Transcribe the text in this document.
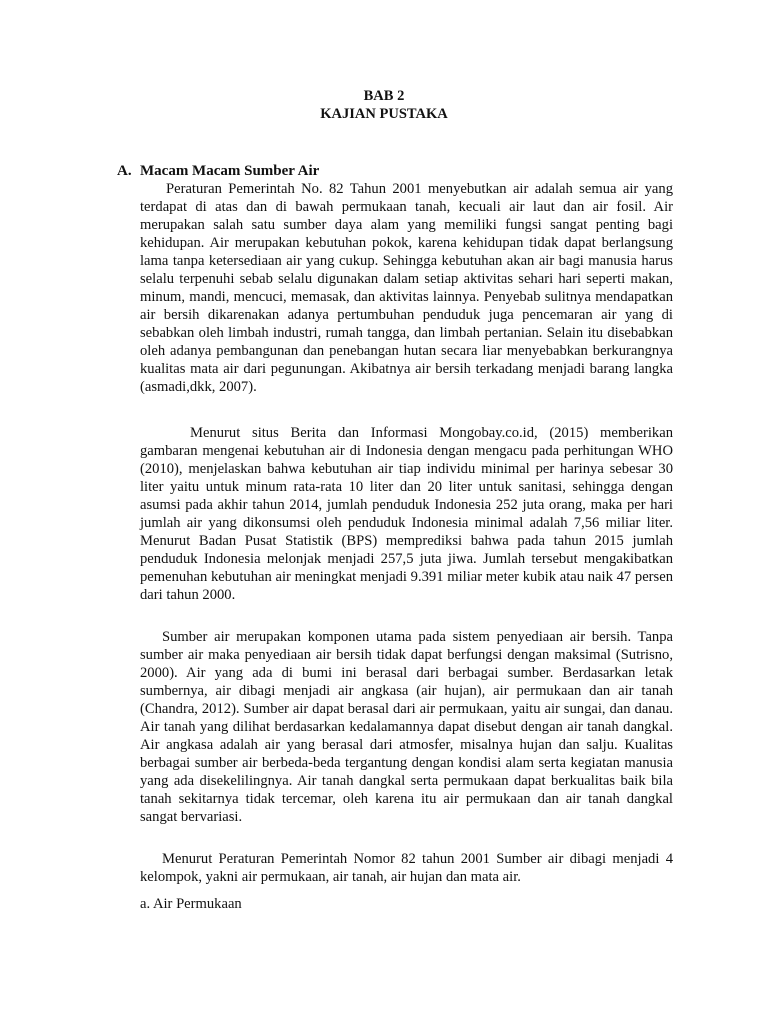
BAB 2
KAJIAN PUSTAKA
A. Macam Macam Sumber Air

Peraturan Pemerintah No. 82 Tahun 2001 menyebutkan air adalah semua air yang terdapat di atas dan di bawah permukaan tanah, kecuali air laut dan air fosil. Air merupakan salah satu sumber daya alam yang memiliki fungsi sangat penting bagi kehidupan. Air merupakan kebutuhan pokok, karena kehidupan tidak dapat berlangsung lama tanpa ketersediaan air yang cukup. Sehingga kebutuhan akan air bagi manusia harus selalu terpenuhi sebab selalu digunakan dalam setiap aktivitas sehari hari seperti makan, minum, mandi, mencuci, memasak, dan aktivitas lainnya. Penyebab sulitnya mendapatkan air bersih dikarenakan adanya pertumbuhan penduduk juga pencemaran air yang di sebabkan oleh limbah industri, rumah tangga, dan limbah pertanian. Selain itu disebabkan oleh adanya pembangunan dan penebangan hutan secara liar menyebabkan berkurangnya kualitas mata air dari pegunungan. Akibatnya air bersih terkadang menjadi barang langka (asmadi,dkk, 2007).

Menurut situs Berita dan Informasi Mongobay.co.id, (2015) memberikan gambaran mengenai kebutuhan air di Indonesia dengan mengacu pada perhitungan WHO (2010), menjelaskan bahwa kebutuhan air tiap individu minimal per harinya sebesar 30 liter yaitu untuk minum rata-rata 10 liter dan 20 liter untuk sanitasi, sehingga dengan asumsi pada akhir tahun 2014, jumlah penduduk Indonesia 252 juta orang, maka per hari jumlah air yang dikonsumsi oleh penduduk Indonesia minimal adalah 7,56 miliar liter. Menurut Badan Pusat Statistik (BPS) memprediksi bahwa pada tahun 2015 jumlah penduduk Indonesia melonjak menjadi 257,5 juta jiwa. Jumlah tersebut mengakibatkan pemenuhan kebutuhan air meningkat menjadi 9.391 miliar meter kubik atau naik 47 persen dari tahun 2000.

Sumber air merupakan komponen utama pada sistem penyediaan air bersih. Tanpa sumber air maka penyediaan air bersih tidak dapat berfungsi dengan maksimal (Sutrisno, 2000). Air yang ada di bumi ini berasal dari berbagai sumber. Berdasarkan letak sumbernya, air dibagi menjadi air angkasa (air hujan), air permukaan dan air tanah (Chandra, 2012). Sumber air dapat berasal dari air permukaan, yaitu air sungai, dan danau. Air tanah yang dilihat berdasarkan kedalamannya dapat disebut dengan air tanah dangkal. Air angkasa adalah air yang berasal dari atmosfer, misalnya hujan dan salju. Kualitas berbagai sumber air berbeda-beda tergantung dengan kondisi alam serta kegiatan manusia yang ada disekelilingnya. Air tanah dangkal serta permukaan dapat berkualitas baik bila tanah sekitarnya tidak tercemar, oleh karena itu air permukaan dan air tanah dangkal sangat bervariasi.

Menurut Peraturan Pemerintah Nomor 82 tahun 2001 Sumber air dibagi menjadi 4 kelompok, yakni air permukaan, air tanah, air hujan dan mata air.

a. Air Permukaan
